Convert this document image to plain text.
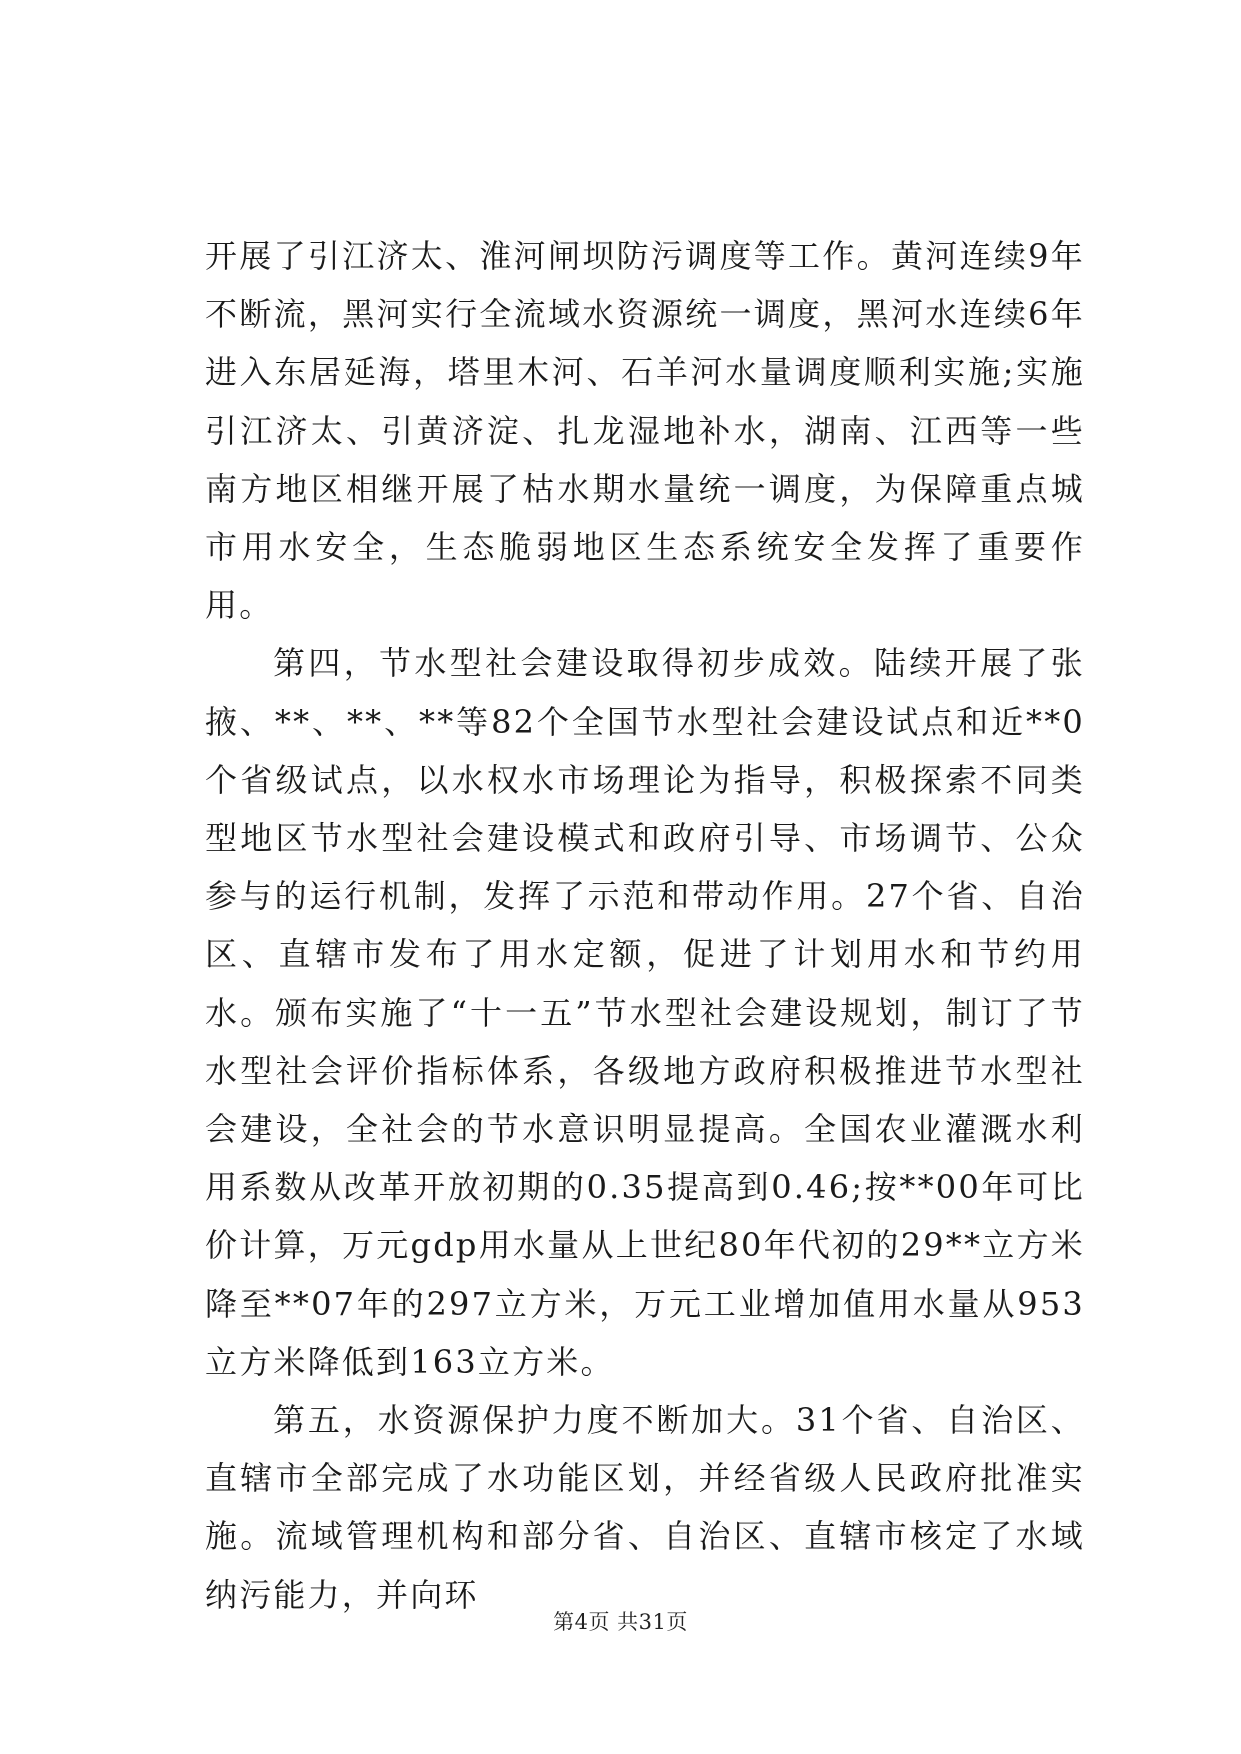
开展了引江济太、淮河闸坝防污调度等工作。黄河连续9年不断流，黑河实行全流域水资源统一调度，黑河水连续6年进入东居延海，塔里木河、石羊河水量调度顺利实施;实施引江济太、引黄济淀、扎龙湿地补水，湖南、江西等一些南方地区相继开展了枯水期水量统一调度，为保障重点城市用水安全，生态脆弱地区生态系统安全发挥了重要作用。

第四，节水型社会建设取得初步成效。陆续开展了张掖、**、**、**等82个全国节水型社会建设试点和近**0个省级试点，以水权水市场理论为指导，积极探索不同类型地区节水型社会建设模式和政府引导、市场调节、公众参与的运行机制，发挥了示范和带动作用。27个省、自治区、直辖市发布了用水定额，促进了计划用水和节约用水。颁布实施了“十一五”节水型社会建设规划，制订了节水型社会评价指标体系，各级地方政府积极推进节水型社会建设，全社会的节水意识明显提高。全国农业灌溉水利用系数从改革开放初期的0.35提高到0.46;按**00年可比价计算，万元gdp用水量从上世纪80年代初的29**立方米降至**07年的297立方米，万元工业增加值用水量从953立方米降低到163立方米。

第五，水资源保护力度不断加大。31个省、自治区、直辖市全部完成了水功能区划，并经省级人民政府批准实施。流域管理机构和部分省、自治区、直辖市核定了水域纳污能力，并向环

第4页 共31页
